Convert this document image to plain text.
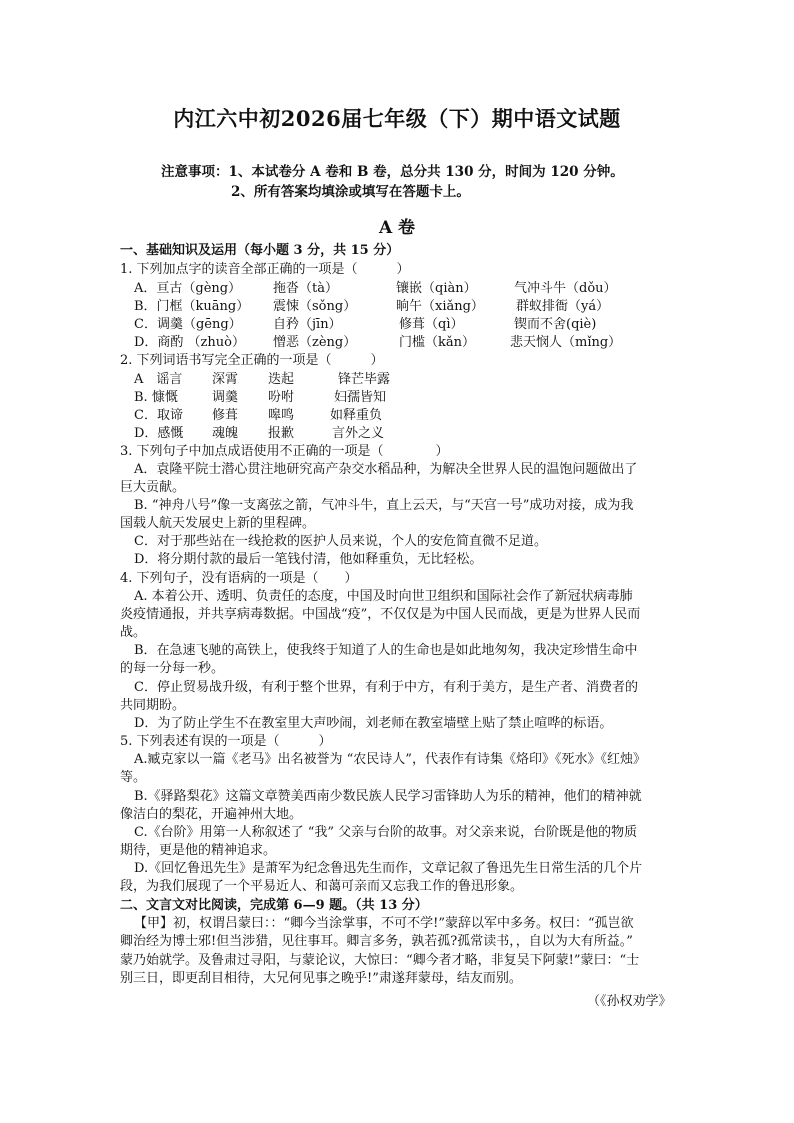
内江六中初2026届七年级（下）期中语文试题
注意事项：1、本试卷分 A 卷和 B 卷，总分共 130 分，时间为 120 分钟。
2、所有答案均填涂或填写在答题卡上。
A 卷
一、基础知识及运用（每小题 3 分，共 15 分）
1. 下列加点字的读音全部正确的一项是（　　　）
A．亘古（gèng） 拖沓（tà）	镶嵌（qiàn）	气冲斗牛（dǒu）
B．门框（kuāng） 震悚（sǒng）	晌午（xiǎng） 群蚁排衙（yá）
C．调羹（gēng） 自矜（jīn）	修葺（qì）	锲而不舍(qiè)
D．商酌 （zhuò） 憎恶（zèng）	门槛（kǎn）	悲天悯人（mǐng）
2. 下列词语书写完全正确的一项是（　　　）
A　谣言 深霄 迭起	锋芒毕露
B. 慷慨	调羹 吩咐	妇孺皆知
C．取谛 修葺 嗥鸣	如释重负
D．感慨 魂魄 报歉	言外之义
3. 下列句子中加点成语使用不正确的一项是（　　　　）
A．袁隆平院士潜心贯注地研究高产杂交水稻品种，为解决全世界人民的温饱问题做出了
巨大贡献。
B. “神舟八号”像一支离弦之箭，气冲斗牛，直上云天，与“天宫一号”成功对接，成为我
国载人航天发展史上新的里程碑。
C．对于那些站在一线抢救的医护人员来说，个人的安危简直微不足道。
D．将分期付款的最后一笔钱付清，他如释重负，无比轻松。
4. 下列句子，没有语病的一项是（　　）
A. 本着公开、透明、负责任的态度，中国及时向世卫组织和国际社会作了新冠状病毒肺
炎疫情通报，并共享病毒数据。中国战“疫”，不仅仅是为中国人民而战，更是为世界人民而
战。
B．在急速飞驰的高铁上，使我终于知道了人的生命也是如此地匆匆，我决定珍惜生命中
的每一分每一秒。
C．停止贸易战升级，有利于整个世界，有利于中方，有利于美方，是生产者、消费者的
共同期盼。
D．为了防止学生不在教室里大声吵闹，刘老师在教室墙壁上贴了禁止喧哗的标语。
5. 下列表述有误的一项是（　　　）
A.臧克家以一篇《老马》出名被誉为 “农民诗人”，代表作有诗集《烙印》《死水》《红烛》
等。
B.《驿路梨花》这篇文章赞美西南少数民族人民学习雷锋助人为乐的精神，他们的精神就
像洁白的梨花，开遍神州大地。
C.《台阶》用第一人称叙述了 “我” 父亲与台阶的故事。对父亲来说，台阶既是他的物质
期待，更是他的精神追求。
D.《回忆鲁迅先生》是萧军为纪念鲁迅先生而作，文章记叙了鲁迅先生日常生活的几个片
段，为我们展现了一个平易近人、和蔼可亲而又忘我工作的鲁迅形象。
二、文言文对比阅读，完成第 6—9 题。（共 13 分）
【甲】初，权谓吕蒙曰：：“卿今当涂掌事，不可不学!”蒙辞以军中多务。权曰：“孤岂欲
卿治经为博士邪!但当涉猎，见往事耳。卿言多务，孰若孤?孤常读书，，自以为大有所益。”
蒙乃始就学。及鲁肃过寻阳，与蒙论议，大惊曰：“卿今者才略，非复吴下阿蒙!”蒙曰：“士
别三日，即更刮目相待，大兄何见事之晚乎!”肃遂拜蒙母，结友而别。
（《孙权劝学》
